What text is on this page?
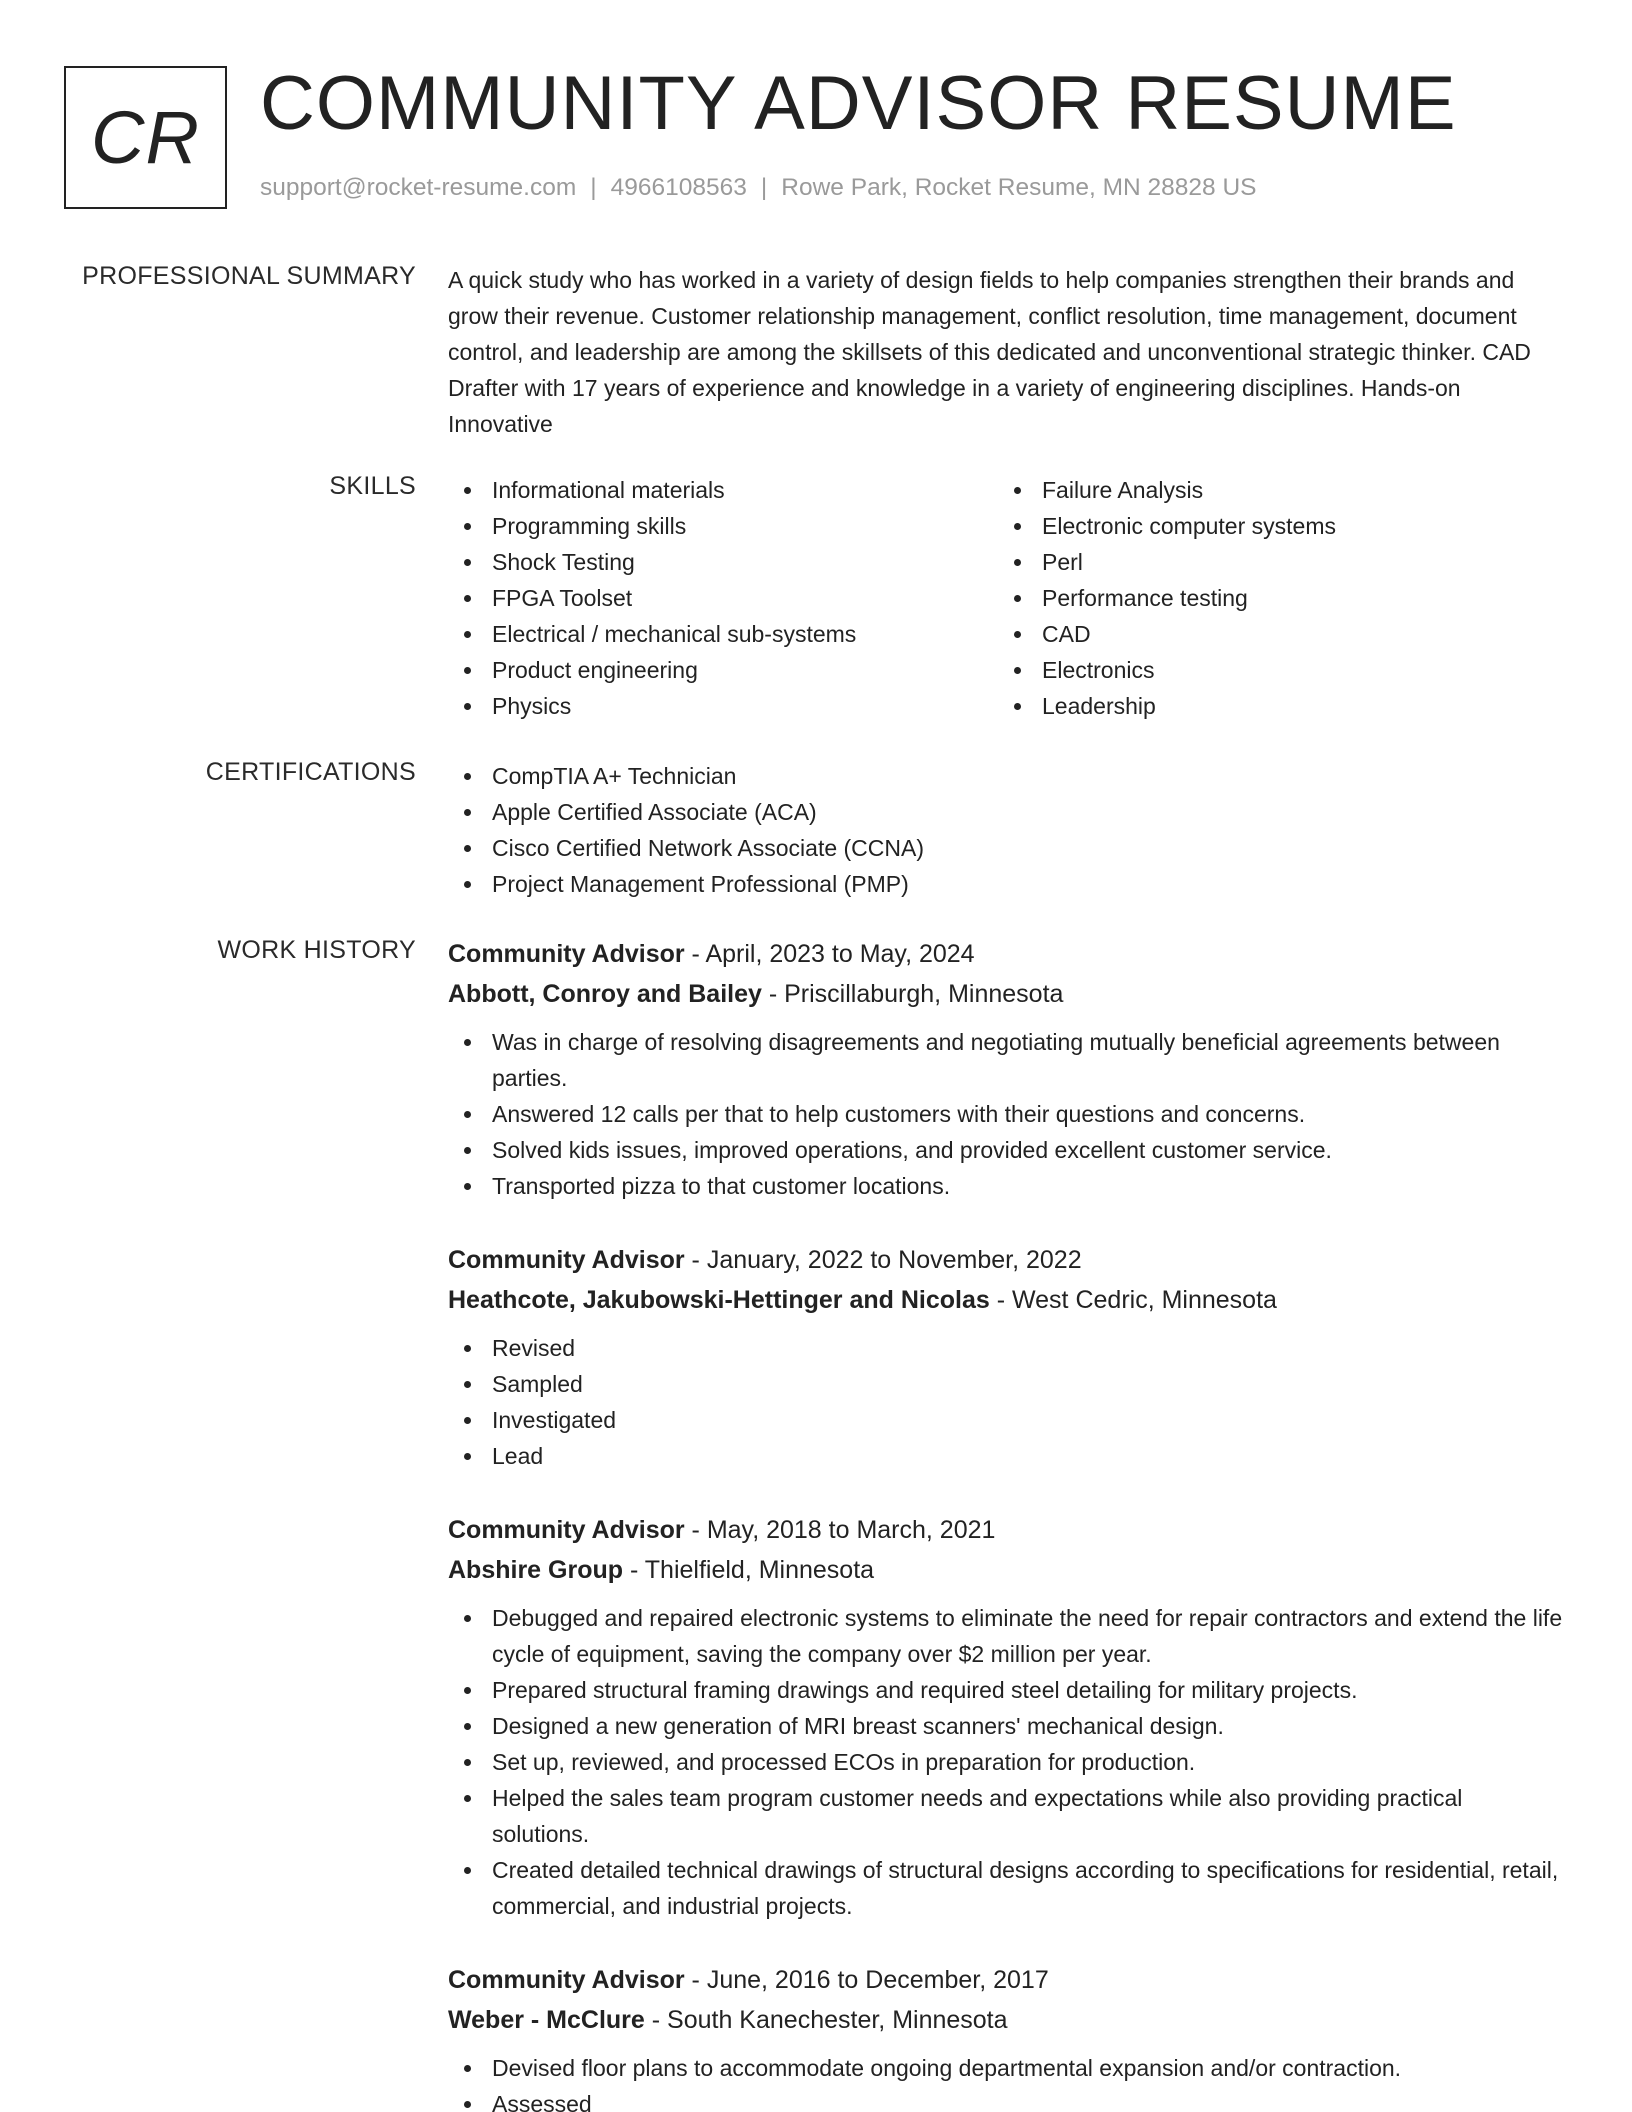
CR COMMUNITY ADVISOR RESUME
support@rocket-resume.com | 4966108563 | Rowe Park, Rocket Resume, MN 28828 US
PROFESSIONAL SUMMARY A quick study who has worked in a variety of design fields to help companies strengthen their brands and grow their revenue. Customer relationship management, conflict resolution, time management, document control, and leadership are among the skillsets of this dedicated and unconventional strategic thinker. CAD Drafter with 17 years of experience and knowledge in a variety of engineering disciplines. Hands-on Innovative
SKILLS	Informational materials
Programming skills
Shock Testing
FPGA Toolset
Electrical / mechanical sub-systems
Product engineering
Physics
Failure Analysis
Electronic computer systems
Perl
Performance testing
CAD
Electronics
Leadership
CERTIFICATIONS	CompTIA A+ Technician
Apple Certified Associate (ACA)
Cisco Certified Network Associate (CCNA)
Project Management Professional (PMP)
WORK HISTORY Community Advisor - April, 2023 to May, 2024
Abbott, Conroy and Bailey - Priscillaburgh, Minnesota
Was in charge of resolving disagreements and negotiating mutually beneficial agreements between parties.
Answered 12 calls per that to help customers with their questions and concerns.
Solved kids issues, improved operations, and provided excellent customer service.
Transported pizza to that customer locations.
Community Advisor - January, 2022 to November, 2022
Heathcote, Jakubowski-Hettinger and Nicolas - West Cedric, Minnesota
Revised
Sampled
Investigated
Lead
Community Advisor - May, 2018 to March, 2021
Abshire Group - Thielfield, Minnesota
Debugged and repaired electronic systems to eliminate the need for repair contractors and extend the life cycle of equipment, saving the company over $2 million per year.
Prepared structural framing drawings and required steel detailing for military projects.
Designed a new generation of MRI breast scanners' mechanical design.
Set up, reviewed, and processed ECOs in preparation for production.
Helped the sales team program customer needs and expectations while also providing practical solutions.
Created detailed technical drawings of structural designs according to specifications for residential, retail, commercial, and industrial projects.
Community Advisor - June, 2016 to December, 2017
Weber - McClure - South Kanechester, Minnesota
Devised floor plans to accommodate ongoing departmental expansion and/or contraction.
Assessed
